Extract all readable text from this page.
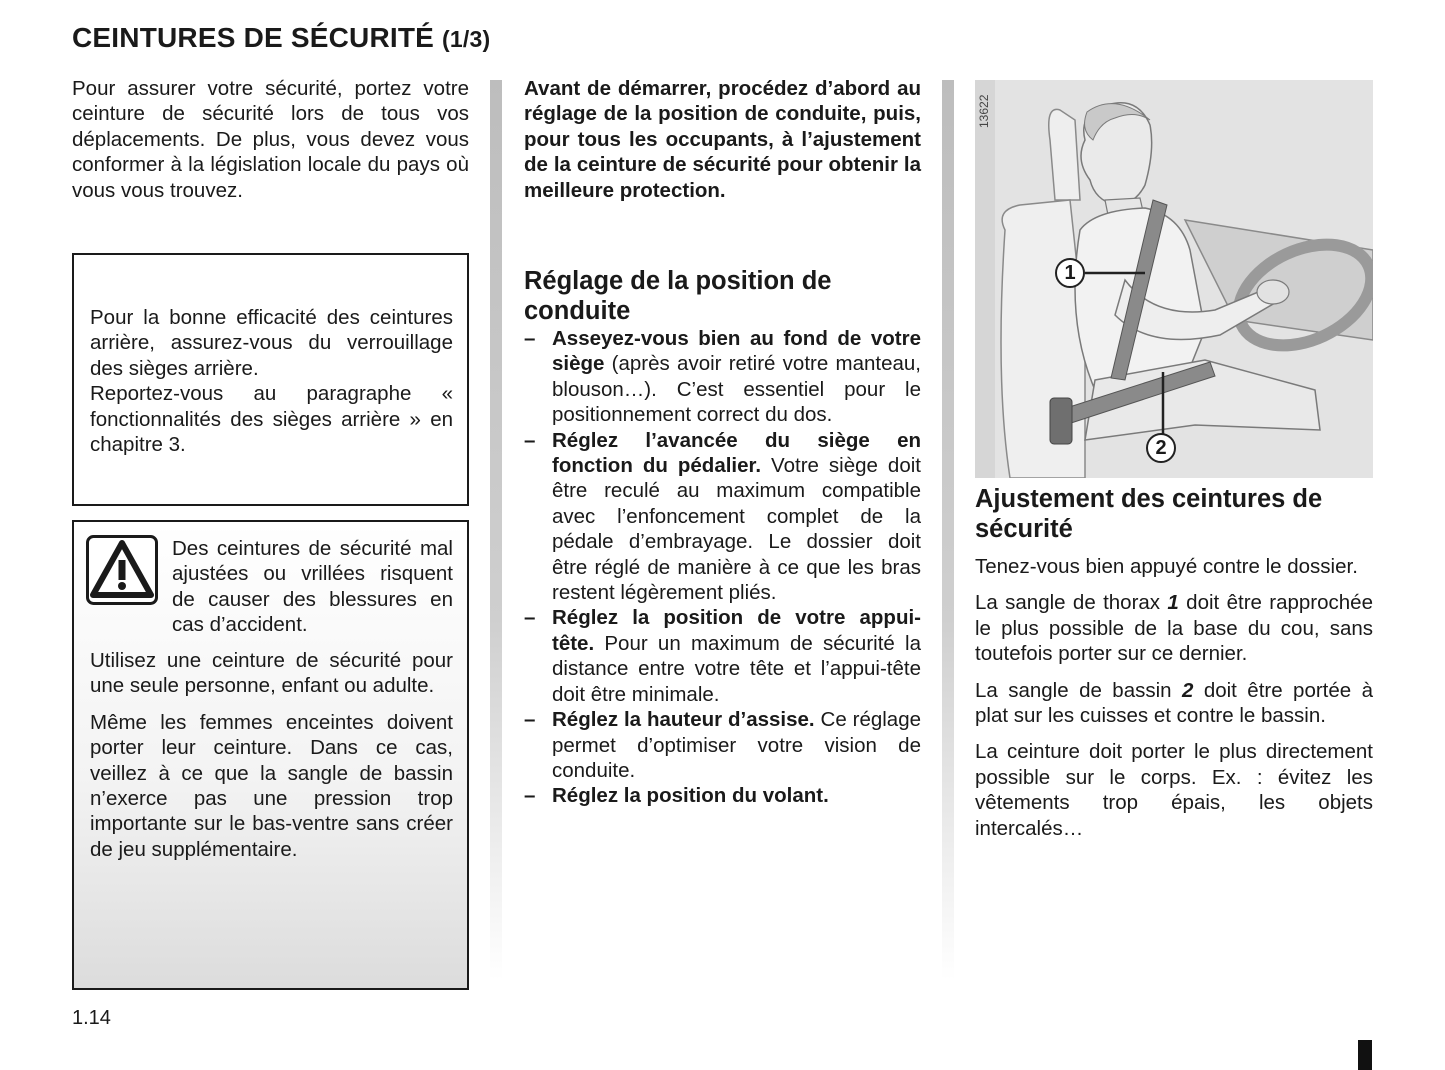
CEINTURES DE SÉCURITÉ (1/3)

Pour assurer votre sécurité, portez votre ceinture de sécurité lors de tous vos déplacements. De plus, vous devez vous conformer à la législation locale du pays où vous vous trouvez.

Pour la bonne efficacité des ceintures arrière, assurez-vous du verrouillage des sièges arrière.

Reportez-vous au paragraphe « fonctionnalités des sièges arrière » en chapitre 3.

Des ceintures de sécurité mal ajustées ou vrillées risquent de causer des blessures en cas d’accident.

Utilisez une ceinture de sécurité pour une seule personne, enfant ou adulte.

Même les femmes enceintes doivent porter leur ceinture. Dans ce cas, veillez à ce que la sangle de bassin n’exerce pas une pression trop importante sur le bas-ventre sans créer de jeu supplémentaire.

Avant de démarrer, procédez d’abord au réglage de la position de conduite, puis, pour tous les occupants, à l’ajustement de la ceinture de sécurité pour obtenir la meilleure protection.

Réglage de la position de conduite
– Asseyez-vous bien au fond de votre siège (après avoir retiré votre manteau, blouson…). C’est essentiel pour le positionnement correct du dos.
– Réglez l’avancée du siège en fonction du pédalier. Votre siège doit être reculé au maximum compatible avec l’enfoncement complet de la pédale d’embrayage. Le dossier doit être réglé de manière à ce que les bras restent légèrement pliés.
– Réglez la position de votre appui-tête. Pour un maximum de sécurité la distance entre votre tête et l’appui-tête doit être minimale.
– Réglez la hauteur d’assise. Ce réglage permet d’optimiser votre vision de conduite.
– Réglez la position du volant.
1
2
13622
Ajustement des ceintures de sécurité

Tenez-vous bien appuyé contre le dossier.

La sangle de thorax 1 doit être rapprochée le plus possible de la base du cou, sans toutefois porter sur ce dernier.

La sangle de bassin 2 doit être portée à plat sur les cuisses et contre le bassin.

La ceinture doit porter le plus directement possible sur le corps. Ex. : évitez les vêtements trop épais, les objets intercalés…

1.14
